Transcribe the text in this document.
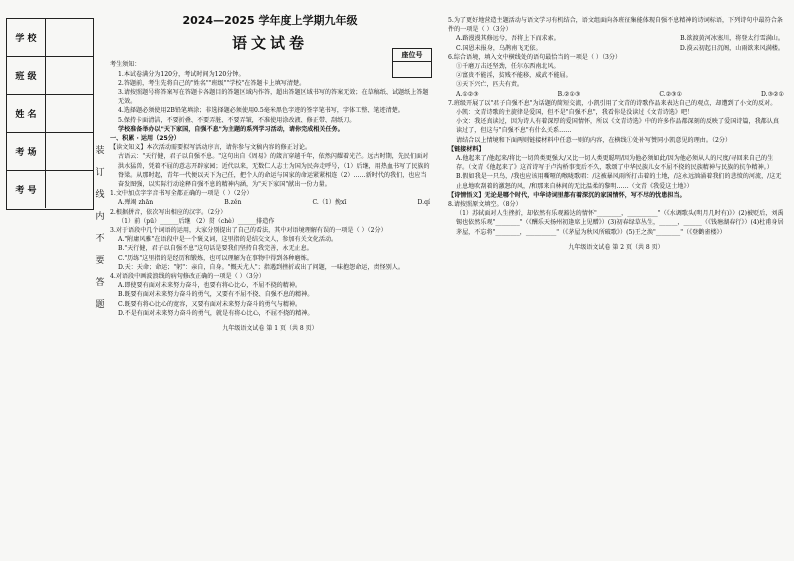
学 校
班 级
姓 名
考 场
考 号
装
订
线
内
不
要
答
题
2024—2025 学年度上学期九年级
语文试卷
座位号

考生须知：

1.本试卷满分为120分，考试时间为120分钟。

2.答题前，考生先将自己的"姓名""班级""学校"在答题卡上填写清楚。

3.请按照题号将答案写在答题卡各题目的答题区域内作答，超出答题区域书写的答案无效；在草稿纸、试题纸上答题无效。

4.选择题必须使用2B铅笔填涂；非选择题必须使用0.5毫米黑色字迹的签字笔书写，字体工整、笔迹清楚。

5.保持卡面清洁，不要折叠、不要弄脏、不要弄皱，不准使用涂改液、修正带、刮纸刀。

学校准备举办以"天下家国，自强不息"为主题的系列学习活动，请你完成相关任务。

一、积累 · 运用（25分）

【读文知义】本次活动需要拟写活动序言，请你参与文稿内容的修正讨论。

古语云："天行健，君子以自强不息。"这句出自《周易》的箴言穿越千年，依然闪耀着光芒。远古时期，先民们面对洪水猛兽，凭着不屈的意志开辟家园；近代以来，无数仁人志士为国为民奔走呼号，（1）后继，用热血书写了民族的脊梁。从那时起，青年一代便以天下为己任，把个人的命运与国家的命运紧紧相连（2）……新时代的我们，也应当奋发图强，以实际行动诠释自强不息的精神内涵，为"天下家国"献出一份力量。

1.文中加点字字音书写全都正确的一项是（ ）（2分）

A.殚竭 zhān	B.zěn	C.（1）挽xī	D.qí

2.根据拼音，依次写出相应的汉字。（2分）

（1）前（pū）______后继 （2）贯（chè）______排造作

3.对于语段中几个词语的运用，大家分别提出了自己的看法，其中对语境理解有误的一项是（ ）（2分）

A."附庸风雅"在语段中是一个褒义词，这里指的是结交文人，参加有关文化活动。

B."天行健，君子以自强不息"这句话是要我们坚持自我完善，永无止息。

C."历练"这里指的是经历和锻炼，也可以理解为在事物中得到各种磨炼。

D.天：天命；命运；"躬"：亲自，自身。"慨天尤人"；指遇到挫折或出了问题，一味抱怨命运，责怪别人。

4.对语段中画波浪线的病句修改正确的一项是（ ）（3分）

A.即使要有面对未来努力奋斗，也要有将心比心，不屈不挠的精神。

B.既要有面对未来努力奋斗的勇气，又要有不屈不挠、自强不息的精神。

C.既要有将心比心的宽容，又要有面对未来努力奋斗的勇气与精神。

D.不是有面对未来努力奋斗的勇气，就是有将心比心，不屈不挠的精神。

九年级语文试卷 第 1 页（共 8 页）

5.为了更好地营造主题活动与语文学习有机结合，语文组面向各班征集能体现自强不息精神的诗词标语，下列诗句中最符合条件的一项是（ ）（3分）

A.路漫漫其修远兮，吾将上下而求索。	B.欲渡黄河冰塞川，将登太行雪满山。
C.国恩未报身，乌鹊南飞无依。	D.漠云初起日沉阁，山雨欲来风满楼。

6.综合语境，填入文中横线处的语句最恰当的一项是（ ）（3分）

①千磨万击还坚劲，任尔东西南北风。

②富贵不能淫，贫贱不能移，威武不能屈。

③天下兴亡，匹夫有责。

A.①②③	B.②①③	C.②③①	D.③②①

7.班级开展了以"君子自强不息"为话题的简短交流，小凯引用了文青的诗歌作品来表达自己的观点，却遭到了小文的反对。

小凯：文青诗歌的主旋律是爱国，但不是"自强不息"，我看你是没读过《文青诗选》吧！

小文：我还真读过，因为诗人有着深厚的爱国情怀，所以《文青诗选》中的许多作品都深刻的反映了爱国诗篇，我都认真读过了，但这与"自强不息"有什么关系……

请结合以上情境和下面两则链接材料中任意一则的内容，在横线①处补写赞同小凯意见的理由。（2分）

【链接材料】

A.他起来了/他起来/将比一切兽类更强大/又比一切人类更聪明/因为他必须如此/因为他必须从人的尺度/寻回来自己的生存。（文青《他起来了》这首诗写于卢沟桥事变后不久，歌颂了中华民族儿女不屈不挠的民族精神与民族的抗争精神。）

B.假如我是一只鸟，/我也应该用嘶哑的喉咙歌唱：/这被暴风雨所打击着的土地，/这永远汹涌着我们的悲愤的河流，/这无止息地吹刮着的激怒的风，/和那来自林间的无比温柔的黎明……（文青《我爱这土地》）

【诗情悟义】无论是哪个时代，中华诗词里都有着深沉的家国情怀，写不尽的忧患担当。

8.请按照原文填空。（8分）

（1）苏轼面对人生挫折，却依然有乐观豁达的情怀"________，__________"（《水调歌头(明月几时有)》）(2)被贬后，刘禹锡也依然乐观"________"（《酬乐天扬州初逢席上见赠》）(3)初春绿草丛生，______，______（《钱塘湖春行》）(4)杜甫身居茅屋，不忘将"________，__________"（《茅屋为秋风所破歌》）(5)王之涣"________"（《登鹳雀楼》）

九年级语文试卷 第 2 页（共 8 页）
